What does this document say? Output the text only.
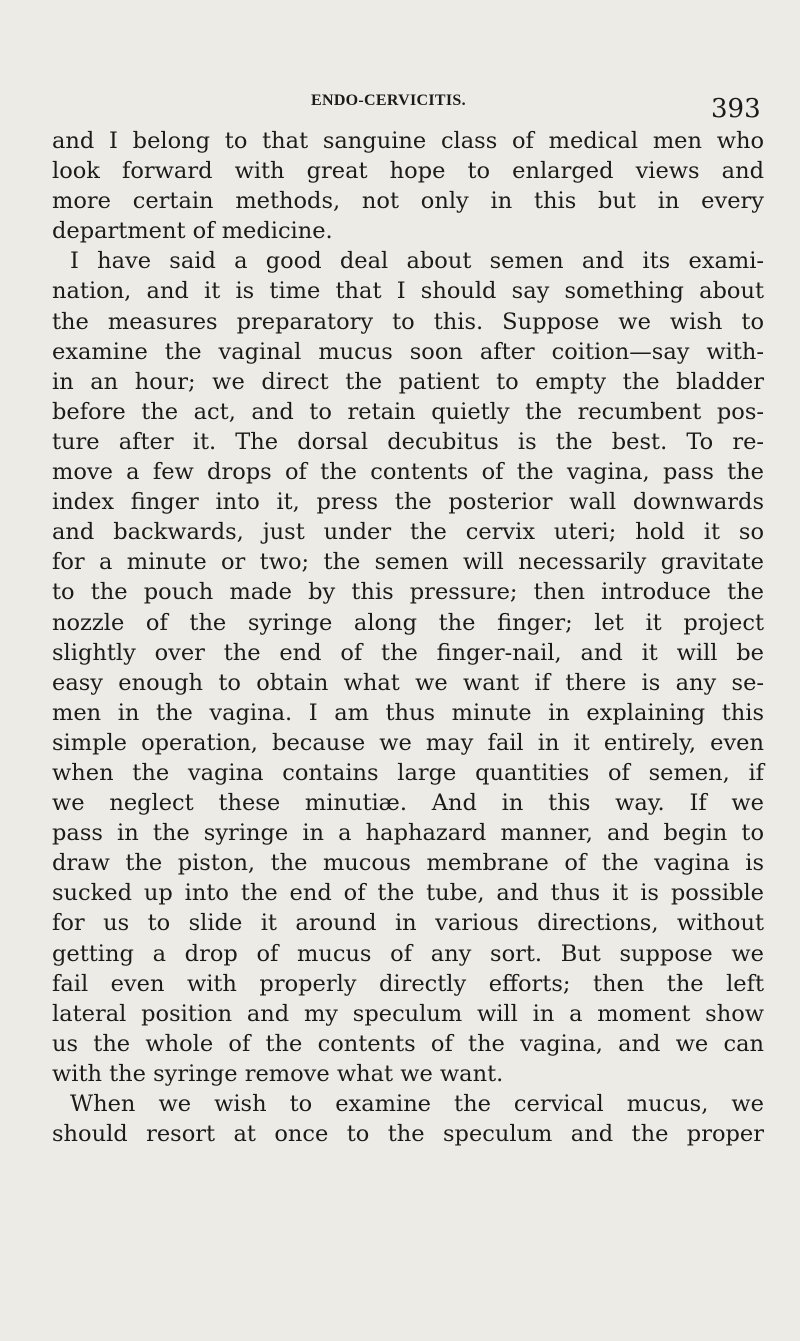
ENDO-CERVICITIS.	393
and I belong to that sanguine class of medical men who
look forward with great hope to enlarged views and
more certain methods, not only in this but in every
department of medicine.
I have said a good deal about semen and its exami-
nation, and it is time that I should say something about
the measures preparatory to this. Suppose we wish to
examine the vaginal mucus soon after coition—say with-
in an hour; we direct the patient to empty the bladder
before the act, and to retain quietly the recumbent pos-
ture after it. The dorsal decubitus is the best. To re-
move a few drops of the contents of the vagina, pass the
index finger into it, press the posterior wall downwards
and backwards, just under the cervix uteri; hold it so
for a minute or two; the semen will necessarily gravitate
to the pouch made by this pressure; then introduce the
nozzle of the syringe along the finger; let it project
slightly over the end of the finger-nail, and it will be
easy enough to obtain what we want if there is any se-
men in the vagina. I am thus minute in explaining this
simple operation, because we may fail in it entirely, even
when the vagina contains large quantities of semen, if
we neglect these minutiæ. And in this way. If we
pass in the syringe in a haphazard manner, and begin to
draw the piston, the mucous membrane of the vagina is
sucked up into the end of the tube, and thus it is possible
for us to slide it around in various directions, without
getting a drop of mucus of any sort. But suppose we
fail even with properly directly efforts; then the left
lateral position and my speculum will in a moment show
us the whole of the contents of the vagina, and we can
with the syringe remove what we want.
When we wish to examine the cervical mucus, we
should resort at once to the speculum and the proper
